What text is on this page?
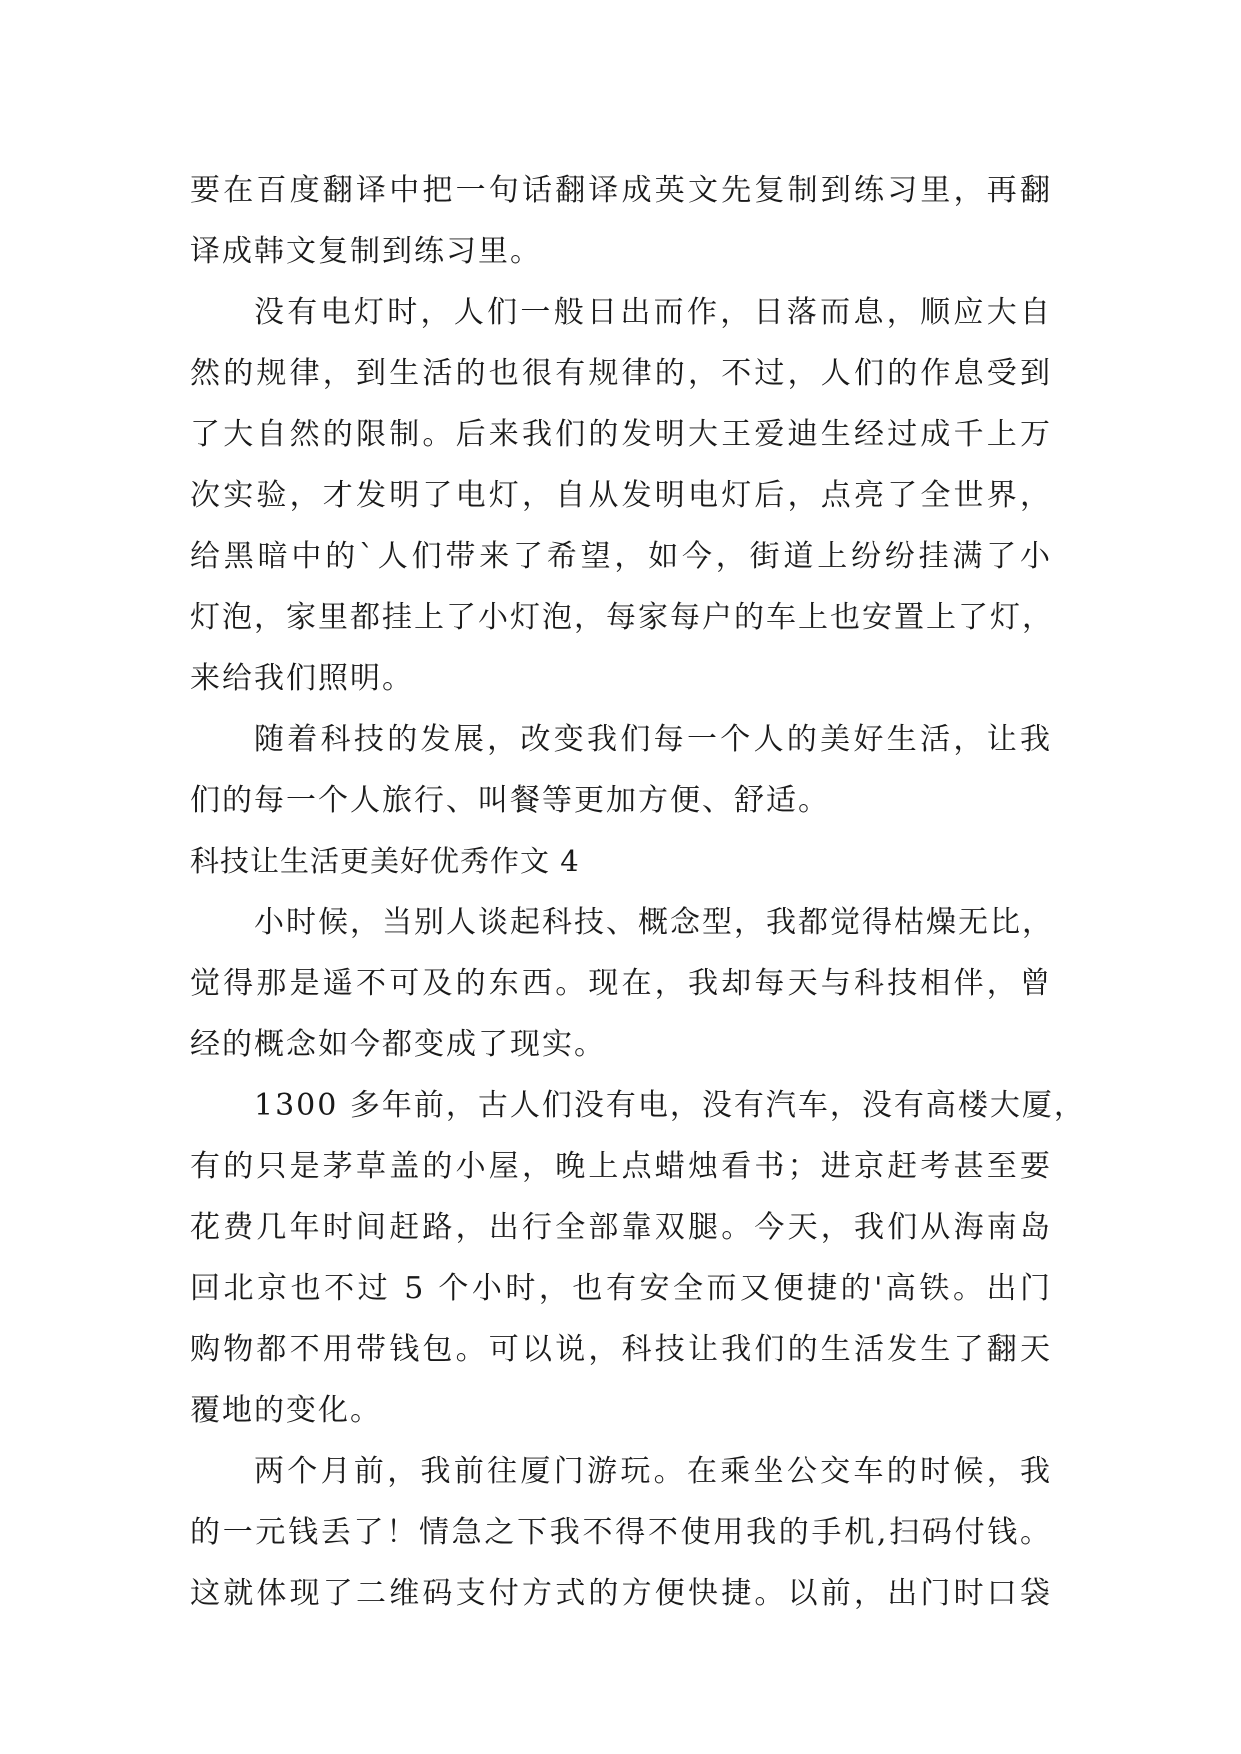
要在百度翻译中把一句话翻译成英文先复制到练习里，再翻
译成韩文复制到练习里。
没有电灯时，人们一般日出而作，日落而息，顺应大自
然的规律，到生活的也很有规律的，不过，人们的作息受到
了大自然的限制。后来我们的发明大王爱迪生经过成千上万
次实验，才发明了电灯，自从发明电灯后，点亮了全世界，
给黑暗中的`人们带来了希望，如今，街道上纷纷挂满了小
灯泡，家里都挂上了小灯泡，每家每户的车上也安置上了灯，
来给我们照明。
随着科技的发展，改变我们每一个人的美好生活，让我
们的每一个人旅行、叫餐等更加方便、舒适。
科技让生活更美好优秀作文 4
小时候，当别人谈起科技、概念型，我都觉得枯燥无比，
觉得那是遥不可及的东西。现在，我却每天与科技相伴，曾
经的概念如今都变成了现实。
1300 多年前，古人们没有电，没有汽车，没有高楼大厦，
有的只是茅草盖的小屋，晚上点蜡烛看书；进京赶考甚至要
花费几年时间赶路，出行全部靠双腿。今天，我们从海南岛
回北京也不过 5 个小时，也有安全而又便捷的'高铁。出门
购物都不用带钱包。可以说，科技让我们的生活发生了翻天
覆地的变化。
两个月前，我前往厦门游玩。在乘坐公交车的时候，我
的一元钱丢了！情急之下我不得不使用我的手机,扫码付钱。
这就体现了二维码支付方式的方便快捷。以前，出门时口袋
